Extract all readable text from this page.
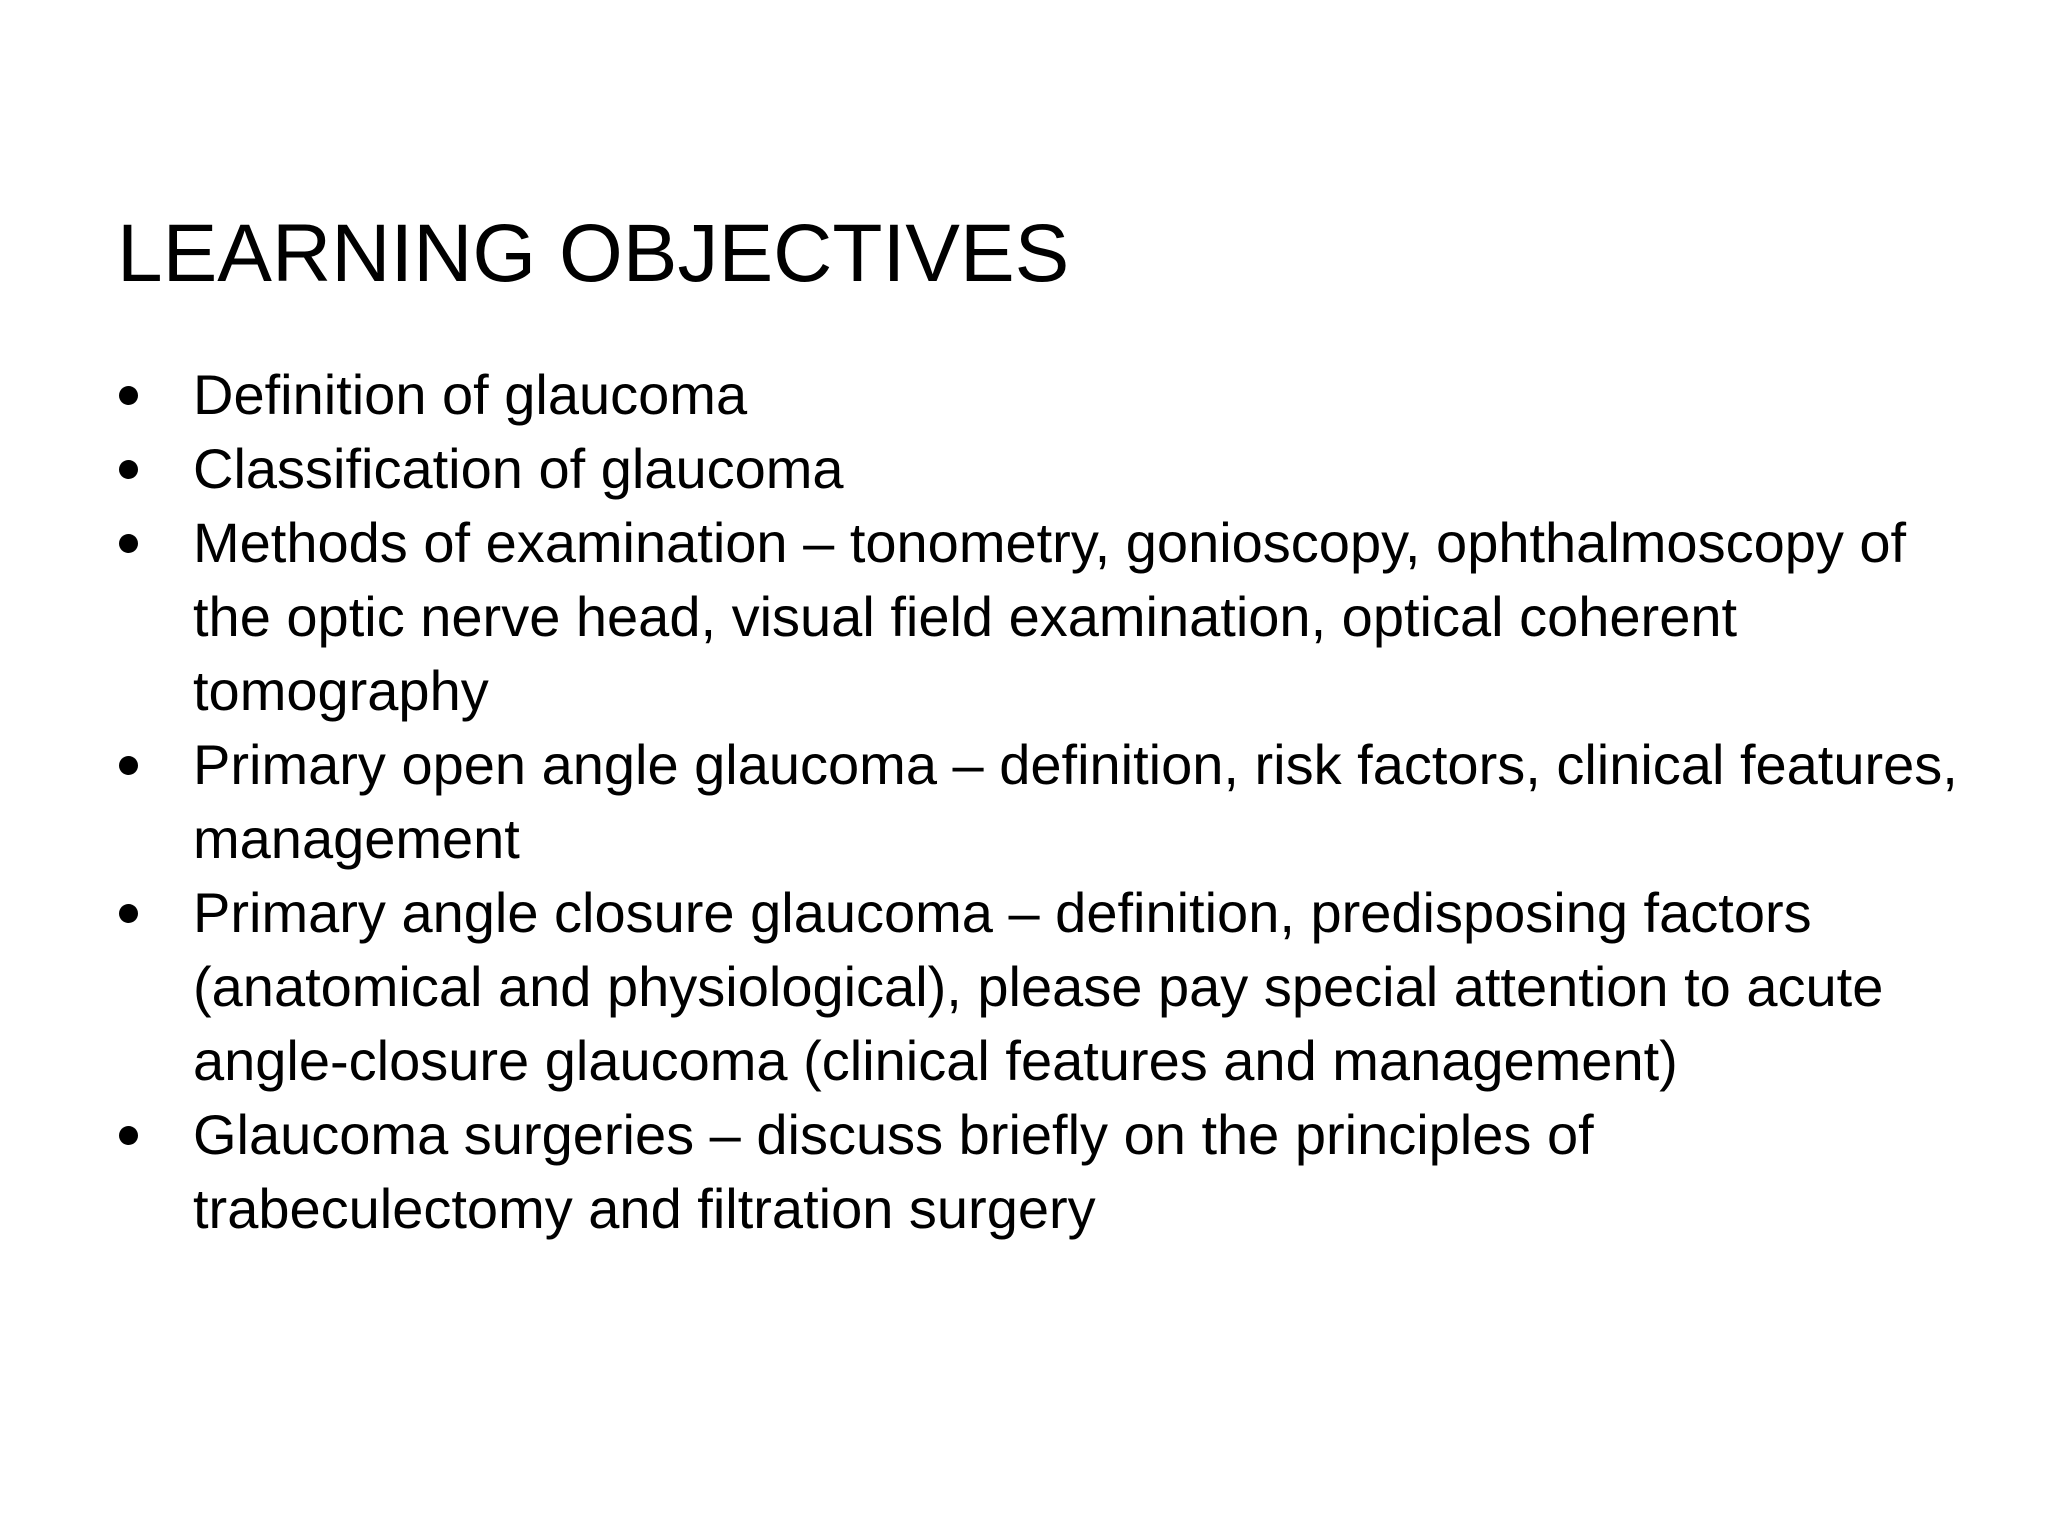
LEARNING OBJECTIVES
Definition of glaucoma
Classification of glaucoma
Methods of examination – tonometry, gonioscopy, ophthalmoscopy of the optic nerve head, visual field examination, optical coherent tomography
Primary open angle glaucoma – definition, risk factors, clinical features, management
Primary angle closure glaucoma – definition, predisposing factors (anatomical and physiological), please pay special attention to acute angle-closure glaucoma (clinical features and management)
Glaucoma surgeries – discuss briefly on the principles of trabeculectomy and filtration surgery
